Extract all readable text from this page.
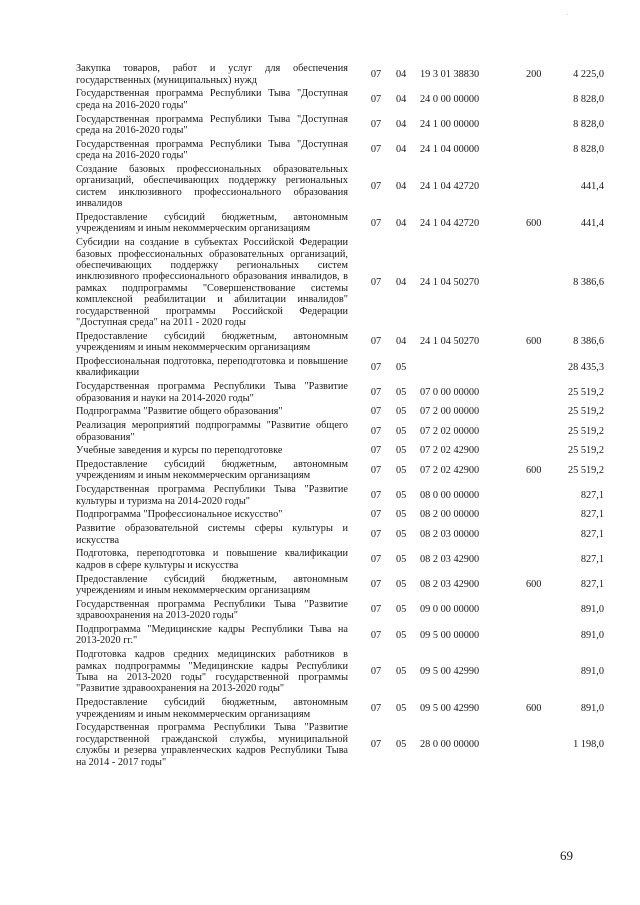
·
Закупка товаров, работ и услуг для обеспечения государственных (муниципальных) нужд	07	04	19 3 01 38830	200	4 225,0

Государственная программа Республики Тыва "Доступная среда на 2016-2020 годы"	07	04	24 0 00 00000		8 828,0

Государственная программа Республики Тыва "Доступная среда на 2016-2020 годы"	07	04	24 1 00 00000		8 828,0

Государственная программа Республики Тыва "Доступная среда на 2016-2020 годы"	07	04	24 1 04 00000		8 828,0

Создание базовых профессиональных образовательных организаций, обеспечивающих поддержку региональных систем инклюзивного профессионального образования инвалидов	07	04	24 1 04 42720		441,4

Предоставление субсидий бюджетным, автономным учреждениям и иным некоммерческим организациям	07	04	24 1 04 42720	600	441,4

Субсидии на создание в субъектах Российской Федерации базовых профессиональных образовательных организаций, обеспечивающих поддержку региональных систем инклюзивного профессионального образования инвалидов, в рамках подпрограммы "Совершенствование системы комплексной реабилитации и абилитации инвалидов" государственной программы Российской Федерации "Доступная среда" на 2011 - 2020 годы	07	04	24 1 04 50270		8 386,6

Предоставление субсидий бюджетным, автономным учреждениям и иным некоммерческим организациям	07	04	24 1 04 50270	600	8 386,6

Профессиональная подготовка, переподготовка и повышение квалификации	07	05			28 435,3

Государственная программа Республики Тыва "Развитие образования и науки на 2014-2020 годы"	07	05	07 0 00 00000		25 519,2

Подпрограмма "Развитие общего образования"	07	05	07 2 00 00000		25 519,2

Реализация мероприятий подпрограммы "Развитие общего образования"	07	05	07 2 02 00000		25 519,2

Учебные заведения и курсы по переподготовке	07	05	07 2 02 42900		25 519,2

Предоставление субсидий бюджетным, автономным учреждениям и иным некоммерческим организациям	07	05	07 2 02 42900	600	25 519,2

Государственная программа Республики Тыва "Развитие культуры и туризма на 2014-2020 годы"	07	05	08 0 00 00000		827,1

Подпрограмма "Профессиональное искусство"	07	05	08 2 00 00000		827,1

Развитие образовательной системы сферы культуры и искусства	07	05	08 2 03 00000		827,1

Подготовка, переподготовка и повышение квалификации кадров в сфере культуры и искусства	07	05	08 2 03 42900		827,1

Предоставление субсидий бюджетным, автономным учреждениям и иным некоммерческим организациям	07	05	08 2 03 42900	600	827,1

Государственная программа Республики Тыва "Развитие здравоохранения на 2013-2020 годы"	07	05	09 0 00 00000		891,0

Подпрограмма "Медицинские кадры Республики Тыва на 2013-2020 гг."	07	05	09 5 00 00000		891,0

Подготовка кадров средних медицинских работников в рамках подпрограммы "Медицинские кадры Республики Тыва на 2013-2020 годы" государственной программы "Развитие здравоохранения на 2013-2020 годы"	07	05	09 5 00 42990		891,0

Предоставление субсидий бюджетным, автономным учреждениям и иным некоммерческим организациям	07	05	09 5 00 42990	600	891,0

Государственная программа Республики Тыва "Развитие государственной гражданской службы, муниципальной службы и резерва управленческих кадров Республики Тыва на 2014 - 2017 годы"	07	05	28 0 00 00000		1 198,0
69
